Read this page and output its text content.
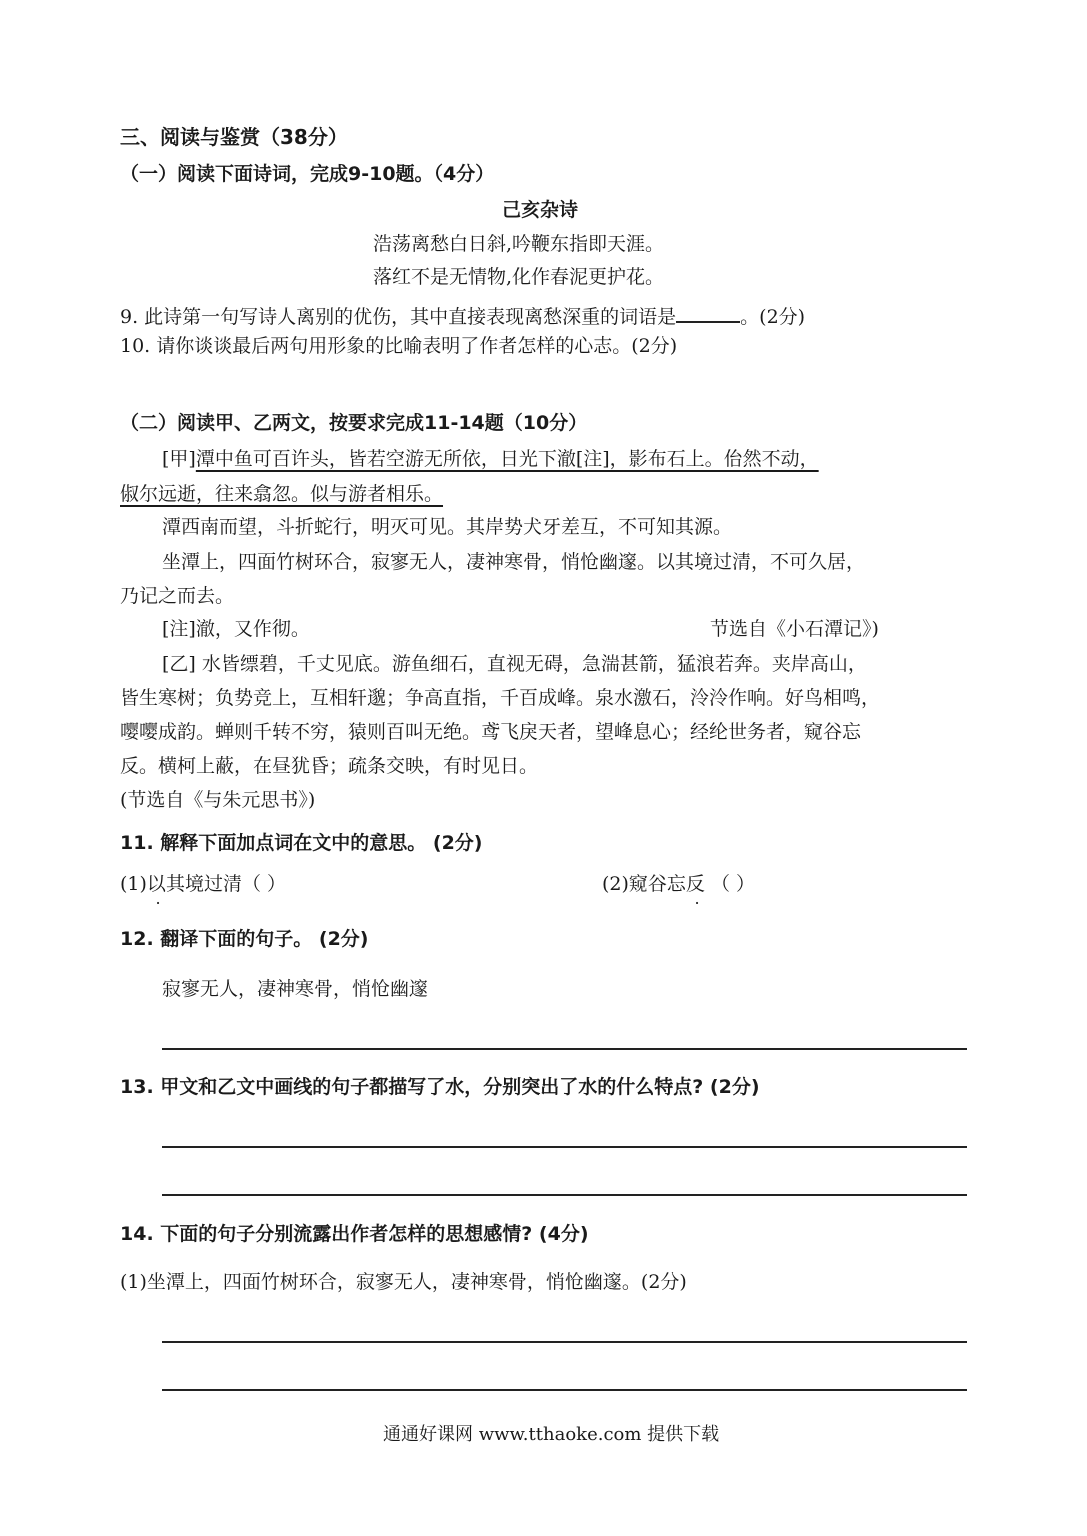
三、阅读与鉴赏（38分）
（一）阅读下面诗词，完成9-10题。（4分）
己亥杂诗
浩荡离愁白日斜,吟鞭东指即天涯。
落红不是无情物,化作春泥更护花。
9. 此诗第一句写诗人离别的优伤，其中直接表现离愁深重的词语是	。(2分)
10. 请你谈谈最后两句用形象的比喻表明了作者怎样的心志。(2分)
（二）阅读甲、乙两文，按要求完成11-14题（10分）
[甲]潭中鱼可百许头，皆若空游无所依，日光下澈[注]，影布石上。佁然不动，
俶尔远逝，往来翕忽。似与游者相乐。
潭西南而望，斗折蛇行，明灭可见。其岸势犬牙差互，不可知其源。
坐潭上，四面竹树环合，寂寥无人，凄神寒骨，悄怆幽邃。以其境过清，不可久居，
乃记之而去。
[注]澈，又作彻。	节选自《小石潭记》)
[乙] 水皆缥碧，千丈见底。游鱼细石，直视无碍，急湍甚箭，猛浪若奔。夹岸高山，
皆生寒树；负势竞上，互相轩邈；争高直指，千百成峰。泉水激石，泠泠作响。好鸟相鸣，
嘤嘤成韵。蝉则千转不穷，猿则百叫无绝。鸢飞戾天者，望峰息心；经纶世务者，窥谷忘
反。横柯上蔽，在昼犹昏；疏条交映，有时见日。
(节选自《与朱元思书》)
11. 解释下面加点词在文中的意思。 (2分)
(1)以其境过清（ ）	(2)窥谷忘反 （ ）
12. 翻译下面的句子。 (2分)
寂寥无人，凄神寒骨，悄怆幽邃
13. 甲文和乙文中画线的句子都描写了水，分别突出了水的什么特点? (2分)
14. 下面的句子分别流露出作者怎样的思想感情? (4分)
(1)坐潭上，四面竹树环合，寂寥无人，凄神寒骨，悄怆幽邃。(2分)
通通好课网 www.tthaoke.com 提供下载
